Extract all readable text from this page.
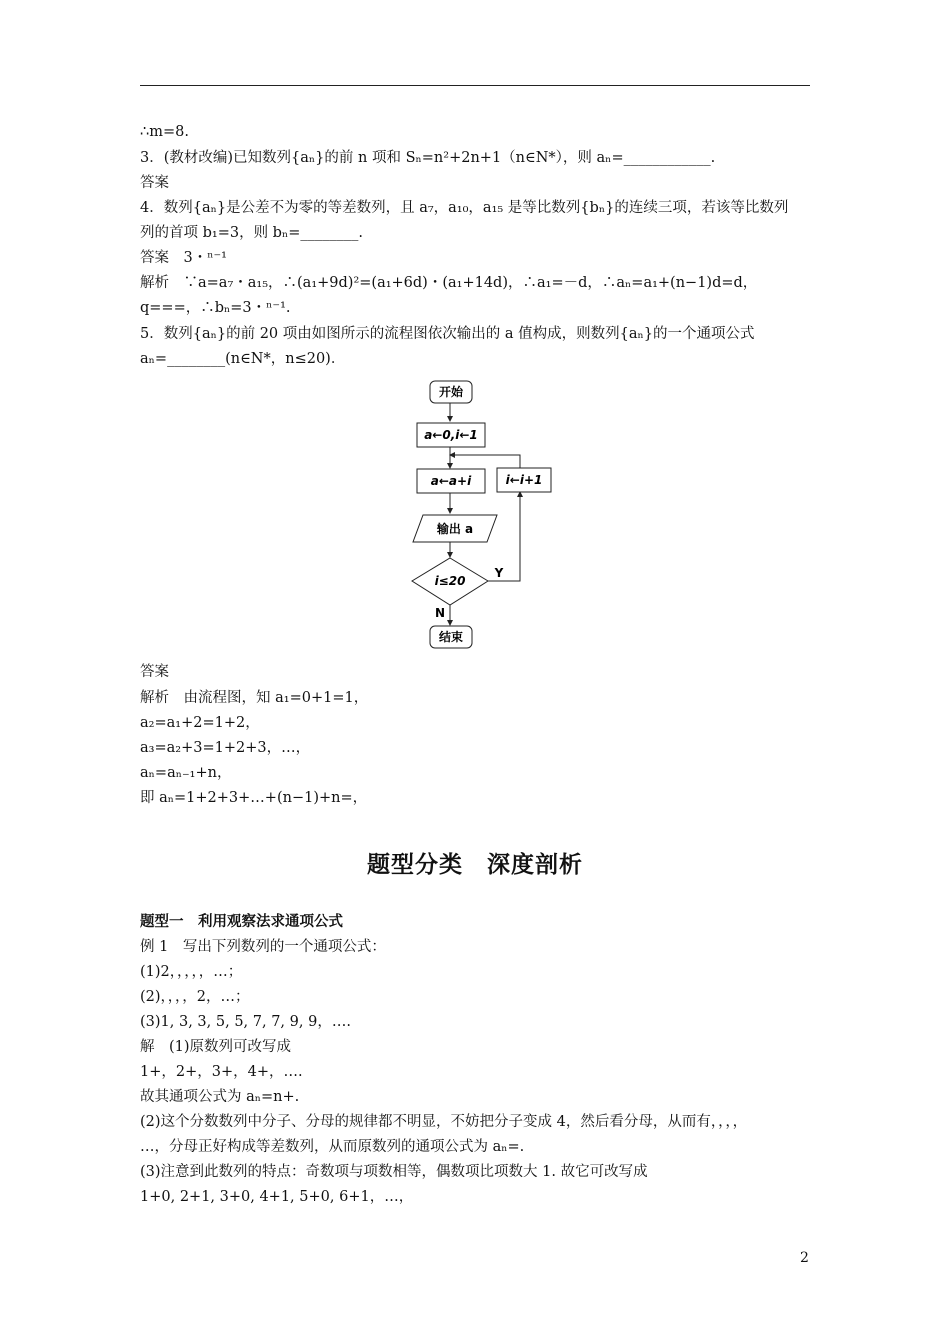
∴m=8.
3．(教材改编)已知数列{aₙ}的前 n 项和 Sₙ=n²+2n+1（n∈N*），则 aₙ=____________.
答案
4．数列{aₙ}是公差不为零的等差数列，且 a₇，a₁₀，a₁₅ 是等比数列{bₙ}的连续三项，若该等比数列
列的首项 b₁=3，则 bₙ=________.
答案　3・ⁿ⁻¹
解析　∵a=a₇・a₁₅，∴(a₁+9d)²=(a₁+6d)・(a₁+14d)，∴a₁=－d，∴aₙ=a₁+(n−1)d=d，
q===，∴bₙ=3・ⁿ⁻¹.
5．数列{aₙ}的前 20 项由如图所示的流程图依次输出的 a 值构成，则数列{aₙ}的一个通项公式
aₙ=________(n∈N*，n≤20)．
开始
a←0,i←1
a←a+i	i←i+1
输出 a
i≤20
Y
N
结束
答案
解析　由流程图，知 a₁=0+1=1，
a₂=a₁+2=1+2，
a₃=a₂+3=1+2+3，…，
aₙ=aₙ₋₁+n，
即 aₙ=1+2+3+…+(n−1)+n=，
题型分类　深度剖析
题型一　利用观察法求通项公式
例 1　写出下列数列的一个通项公式：
(1)2，，，，，…；
(2)，，，，2，…；
(3)1, 3, 3, 5, 5, 7, 7, 9, 9，….
解　(1)原数列可改写成
1+，2+，3+，4+，….
故其通项公式为 aₙ=n+.
(2)这个分数数列中分子、分母的规律都不明显，不妨把分子变成 4，然后看分母，从而有，，，，
…，分母正好构成等差数列，从而原数列的通项公式为 aₙ=.
(3)注意到此数列的特点：奇数项与项数相等，偶数项比项数大 1. 故它可改写成
1+0, 2+1, 3+0, 4+1, 5+0, 6+1，…，
2
